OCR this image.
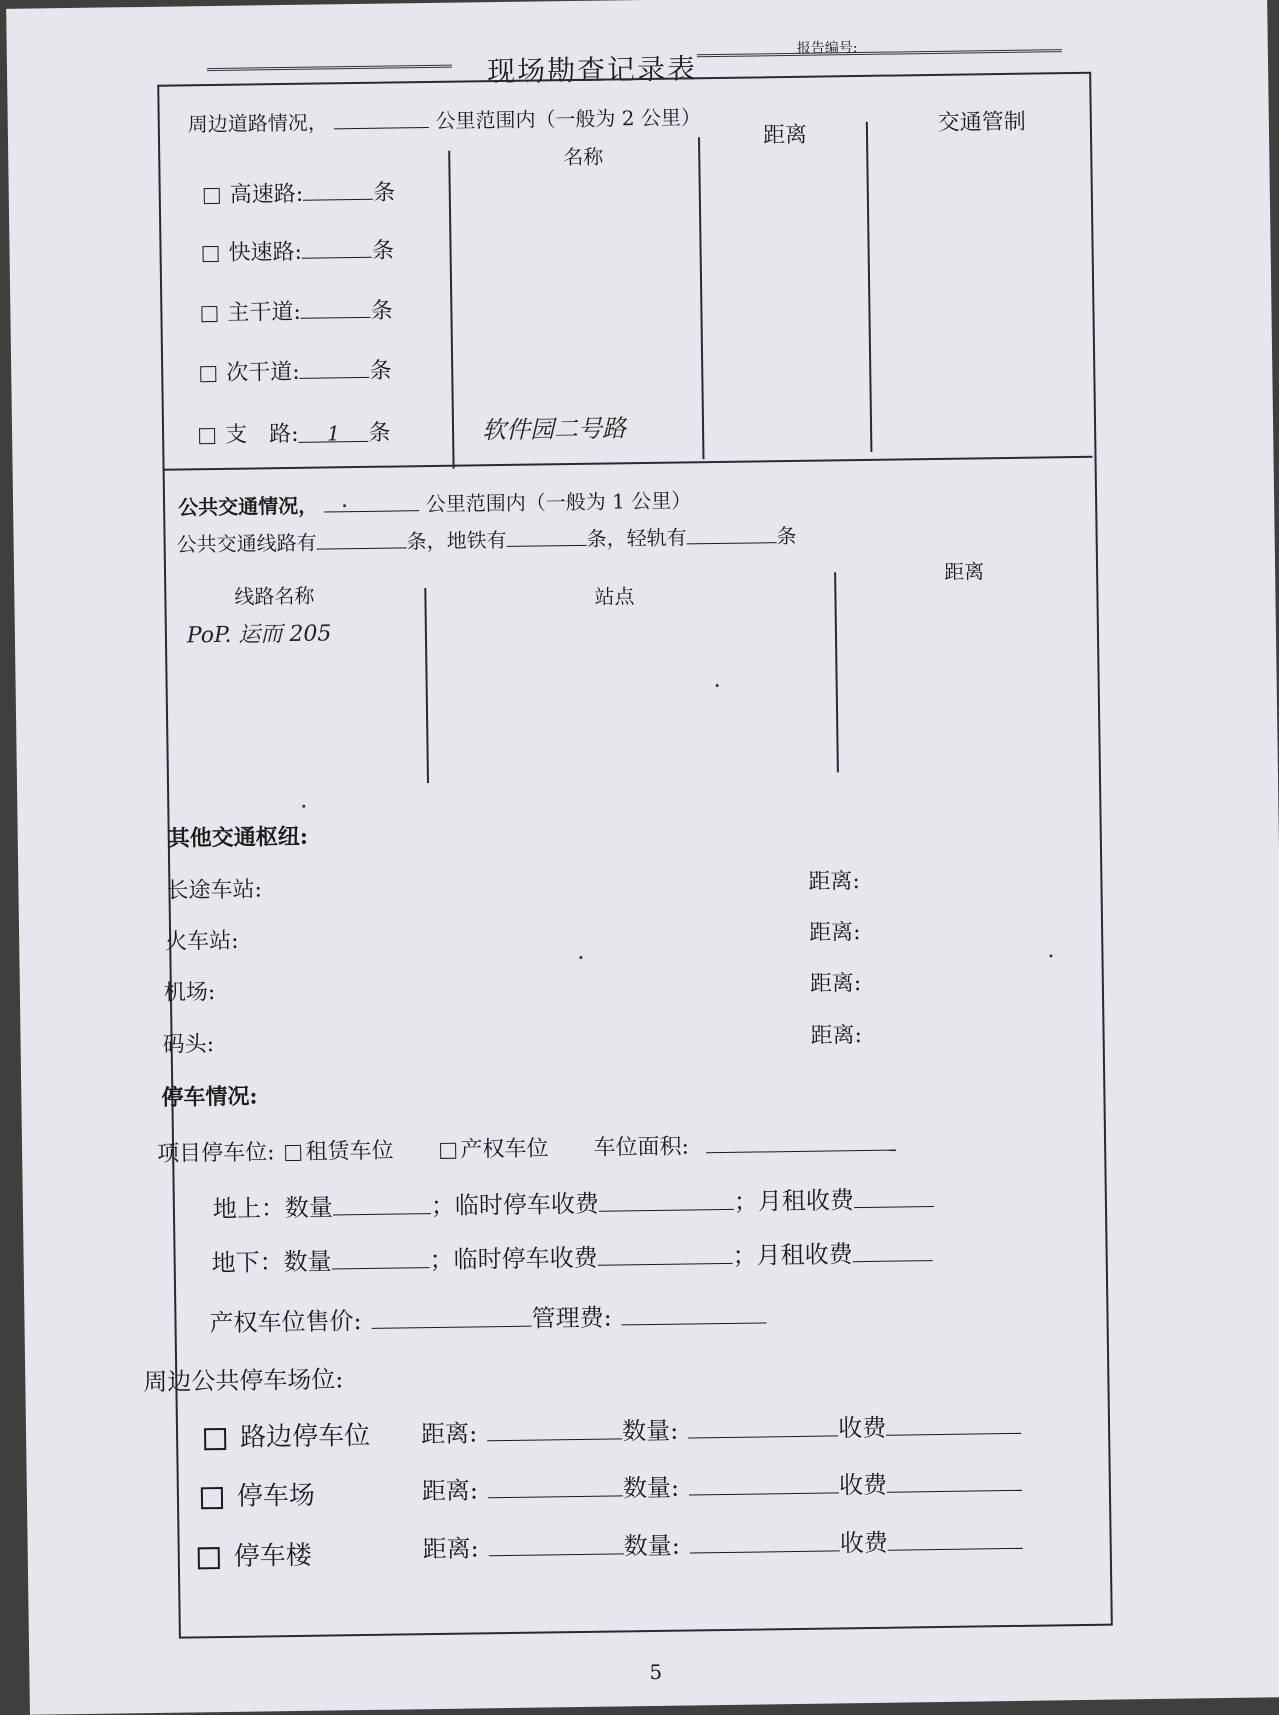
现场勘查记录表
报告编号:
周边道路情况，	公里范围内（一般为 2 公里）
名称
距离	交通管制
高速路:	条
快速路:	条
主干道:	条
次干道:	条
支　路: 1 条	软件园二号路
公共交通情况，	公里范围内（一般为 1 公里）
公共交通线路有	条，地铁有	条，轻轨有	条
线路名称	站点
距离
PoP. 运而 205
其他交通枢纽:
长途车站:	距离:
火车站:	距离:
机场:	距离:
码头:	距离:
停车情况:
项目停车位: 租赁车位	产权车位 车位面积:
地上：数量	；临时停车收费	；月租收费
地下：数量	；临时停车收费	；月租收费
产权车位售价:	管理费:
周边公共停车场位:
路边停车位 距离:	数量:	收费
停车场	距离:	数量:	收费
停车楼	距离:	数量:	收费
5
